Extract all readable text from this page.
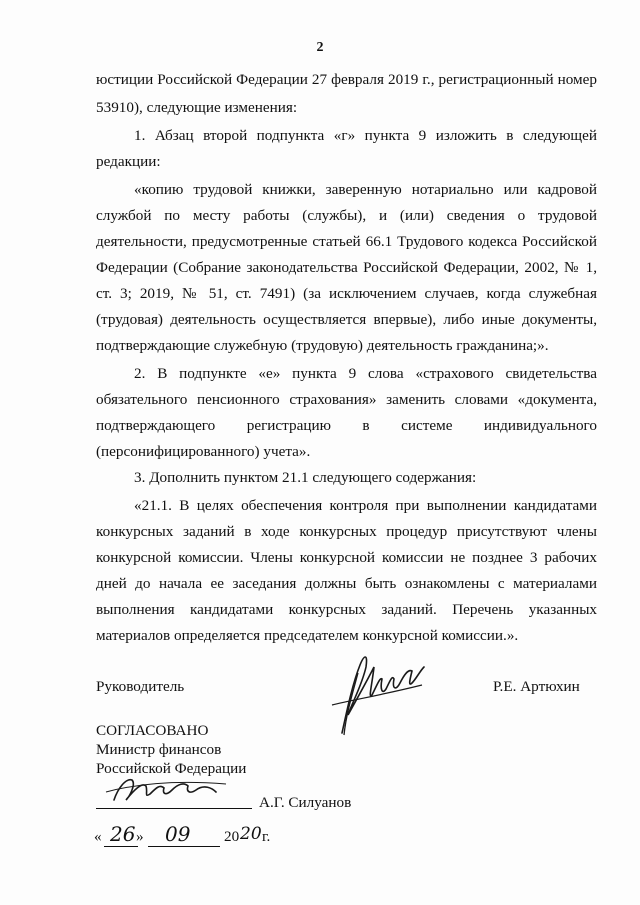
2
юстиции Российской Федерации 27 февраля 2019 г., регистрационный номер
53910), следующие изменения:
1. Абзац второй подпункта «г» пункта 9 изложить в следующей
редакции:
«копию трудовой книжки, заверенную нотариально или кадровой
службой по месту работы (службы), и (или) сведения о трудовой
деятельности, предусмотренные статьей 66.1 Трудового кодекса Российской
Федерации (Собрание законодательства Российской Федерации, 2002, № 1,
ст. 3; 2019, № 51, ст. 7491) (за исключением случаев, когда служебная
(трудовая) деятельность осуществляется впервые), либо иные документы,
подтверждающие служебную (трудовую) деятельность гражданина;».
2. В подпункте «е» пункта 9 слова «страхового свидетельства
обязательного пенсионного страхования» заменить словами «документа,
подтверждающего регистрацию в системе индивидуального
(персонифицированного) учета».
3. Дополнить пунктом 21.1 следующего содержания:
«21.1. В целях обеспечения контроля при выполнении кандидатами
конкурсных заданий в ходе конкурсных процедур присутствуют члены
конкурсной комиссии. Члены конкурсной комиссии не позднее 3 рабочих
дней до начала ее заседания должны быть ознакомлены с материалами
выполнения кандидатами конкурсных заданий. Перечень указанных
материалов определяется председателем конкурсной комиссии.».
Руководитель	Р.Е. Артюхин
СОГЛАСОВАНО
Министр финансов
Российской Федерации
А.Г. Силуанов
« 26 » 09 20 20 г.
